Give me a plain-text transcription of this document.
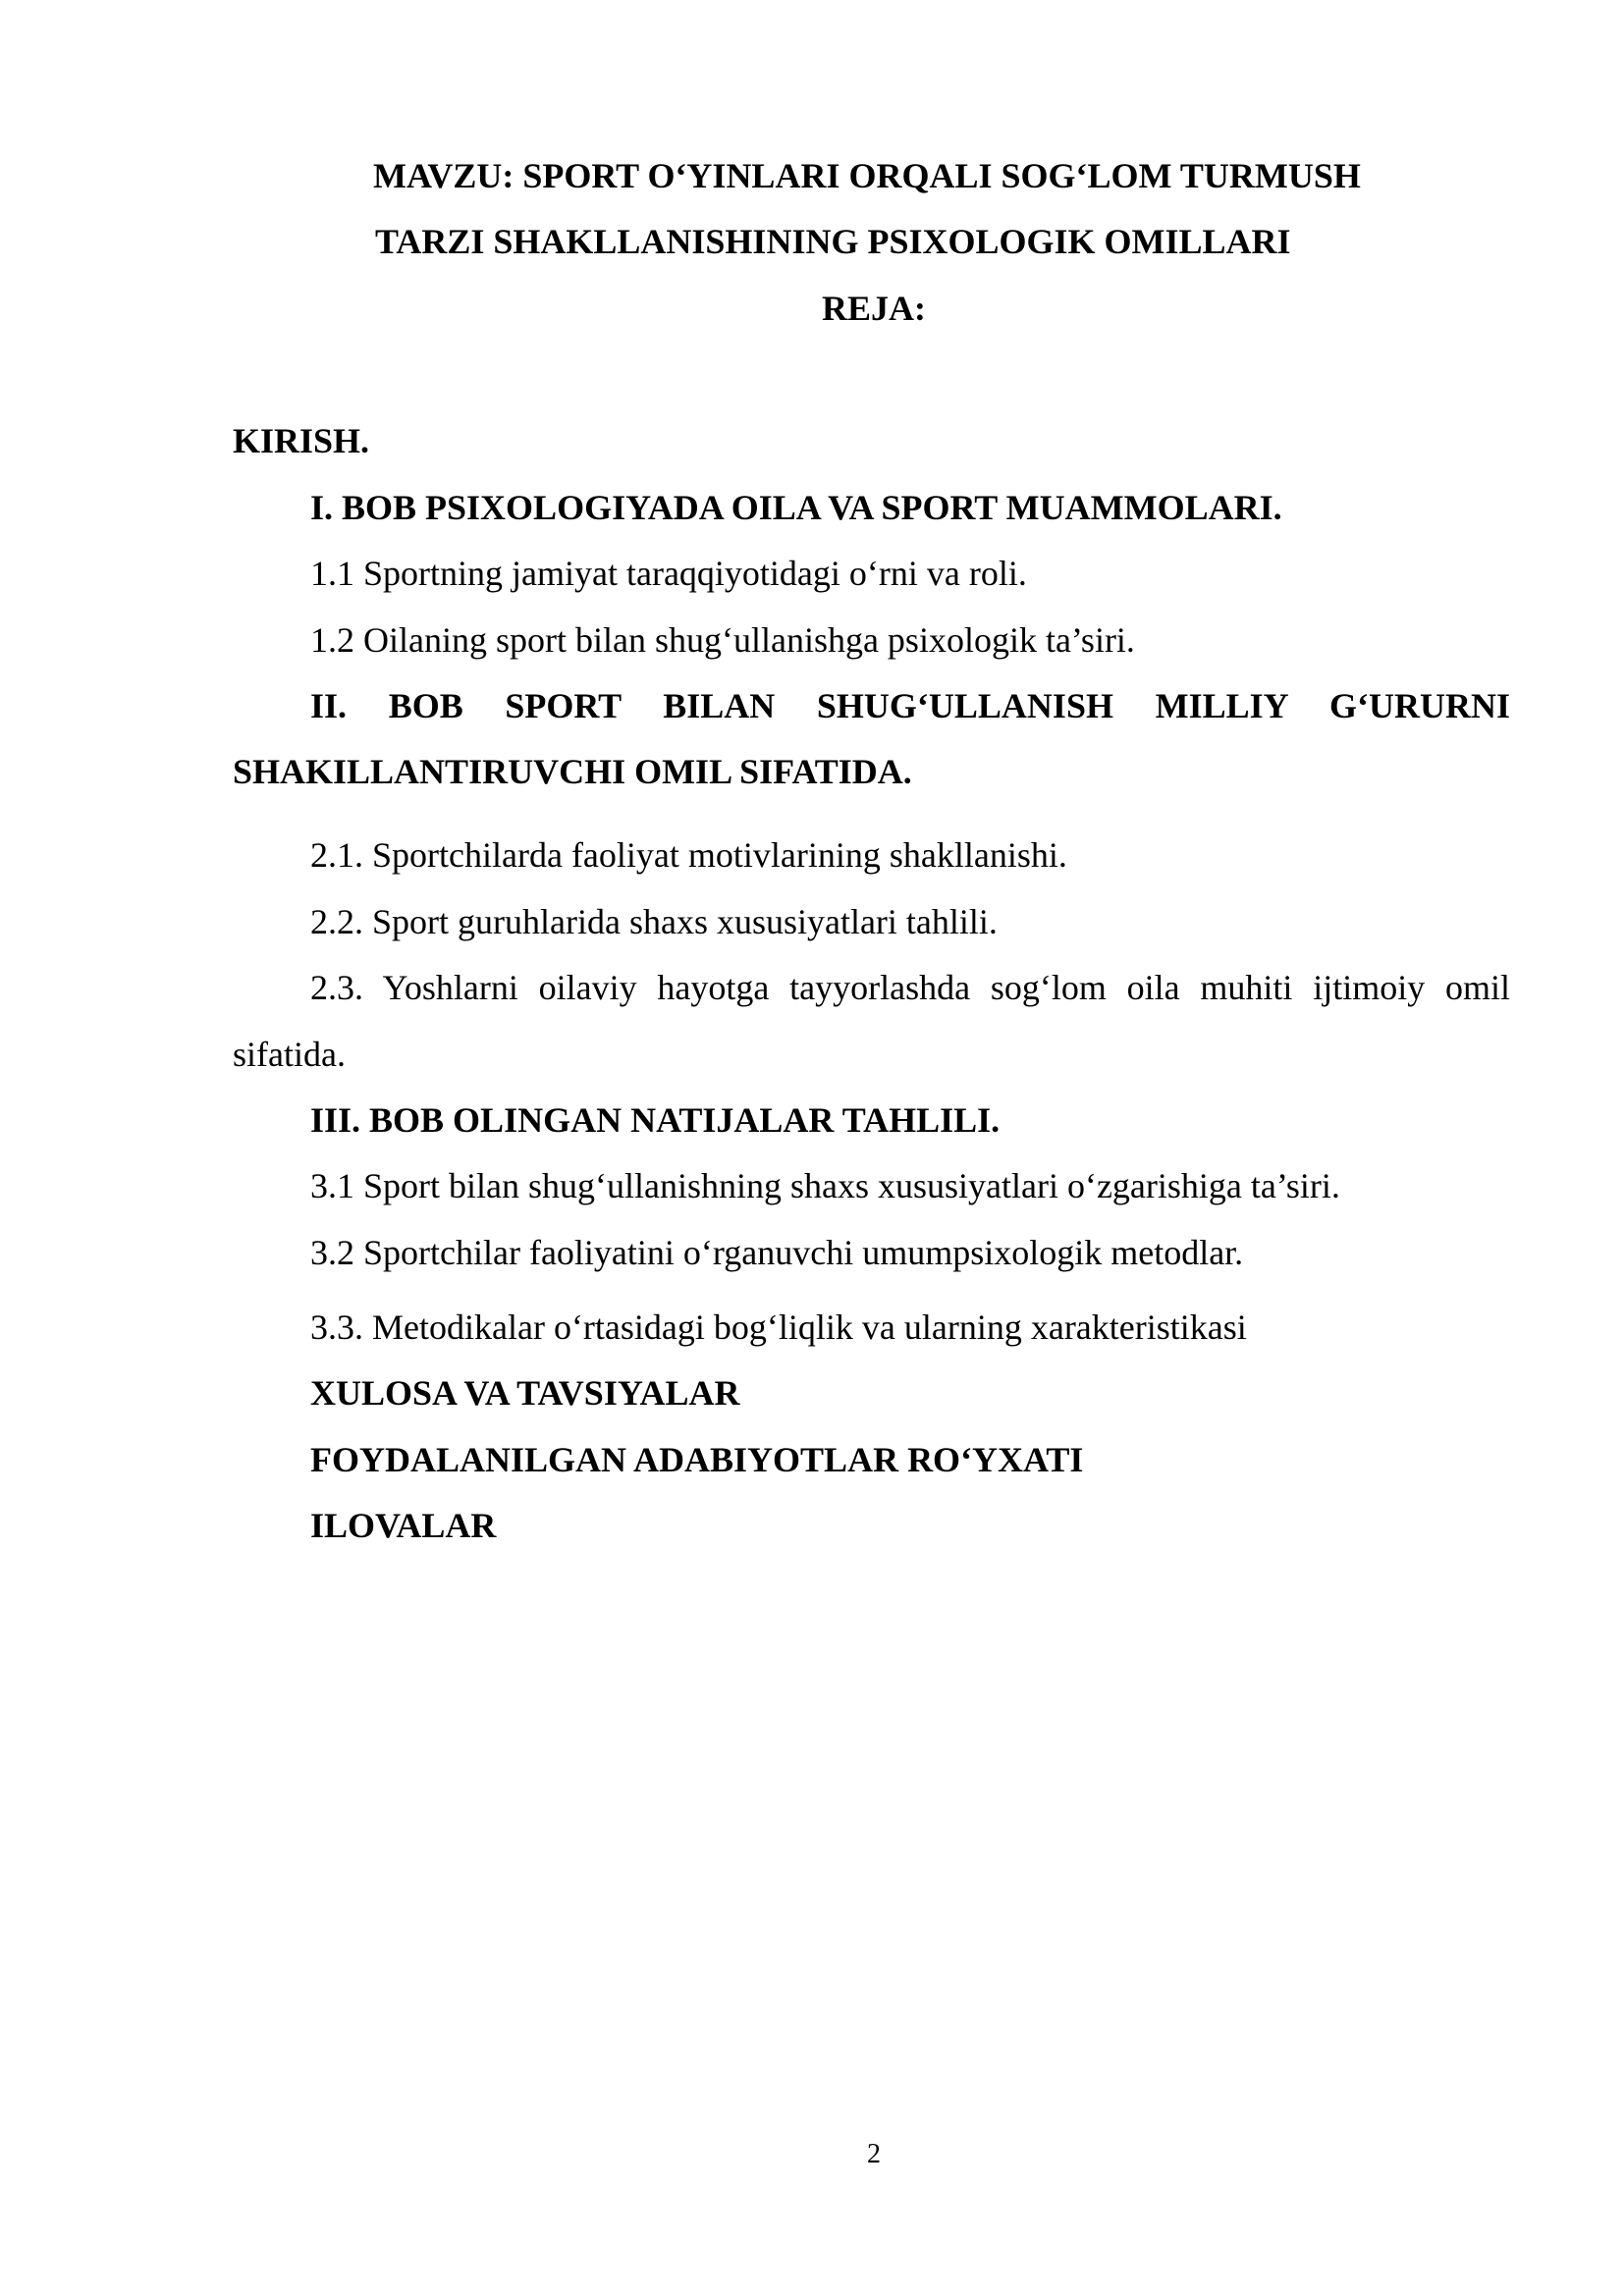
MAVZU: SPORT O‘YINLARI ORQALI SOG‘LOM TURMUSH

TARZI SHAKLLANISHINING PSIXOLOGIK OMILLARI

REJA:

KIRISH.

I. BOB PSIXOLOGIYADA OILA VA SPORT MUAMMOLARI.

1.1 Sportning jamiyat taraqqiyotidagi o‘rni va roli.

1.2 Oilaning sport bilan shug‘ullanishga psixologik ta’siri.

II. BOB SPORT BILAN SHUG‘ULLANISH MILLIY G‘URURNI

SHAKILLANTIRUVCHI OMIL SIFATIDA.

2.1. Sportchilarda faoliyat motivlarining shakllanishi.

2.2. Sport guruhlarida shaxs xususiyatlari tahlili.

2.3. Yoshlarni oilaviy hayotga tayyorlashda sog‘lom oila muhiti ijtimoiy omil

sifatida.

III. BOB OLINGAN NATIJALAR TAHLILI.

3.1 Sport bilan shug‘ullanishning shaxs xususiyatlari o‘zgarishiga ta’siri.

3.2 Sportchilar faoliyatini o‘rganuvchi umumpsixologik metodlar.

3.3. Metodikalar o‘rtasidagi bog‘liqlik va ularning xarakteristikasi

XULOSA VA TAVSIYALAR

FOYDALANILGAN ADABIYOTLAR RO‘YXATI

ILOVALAR

2
